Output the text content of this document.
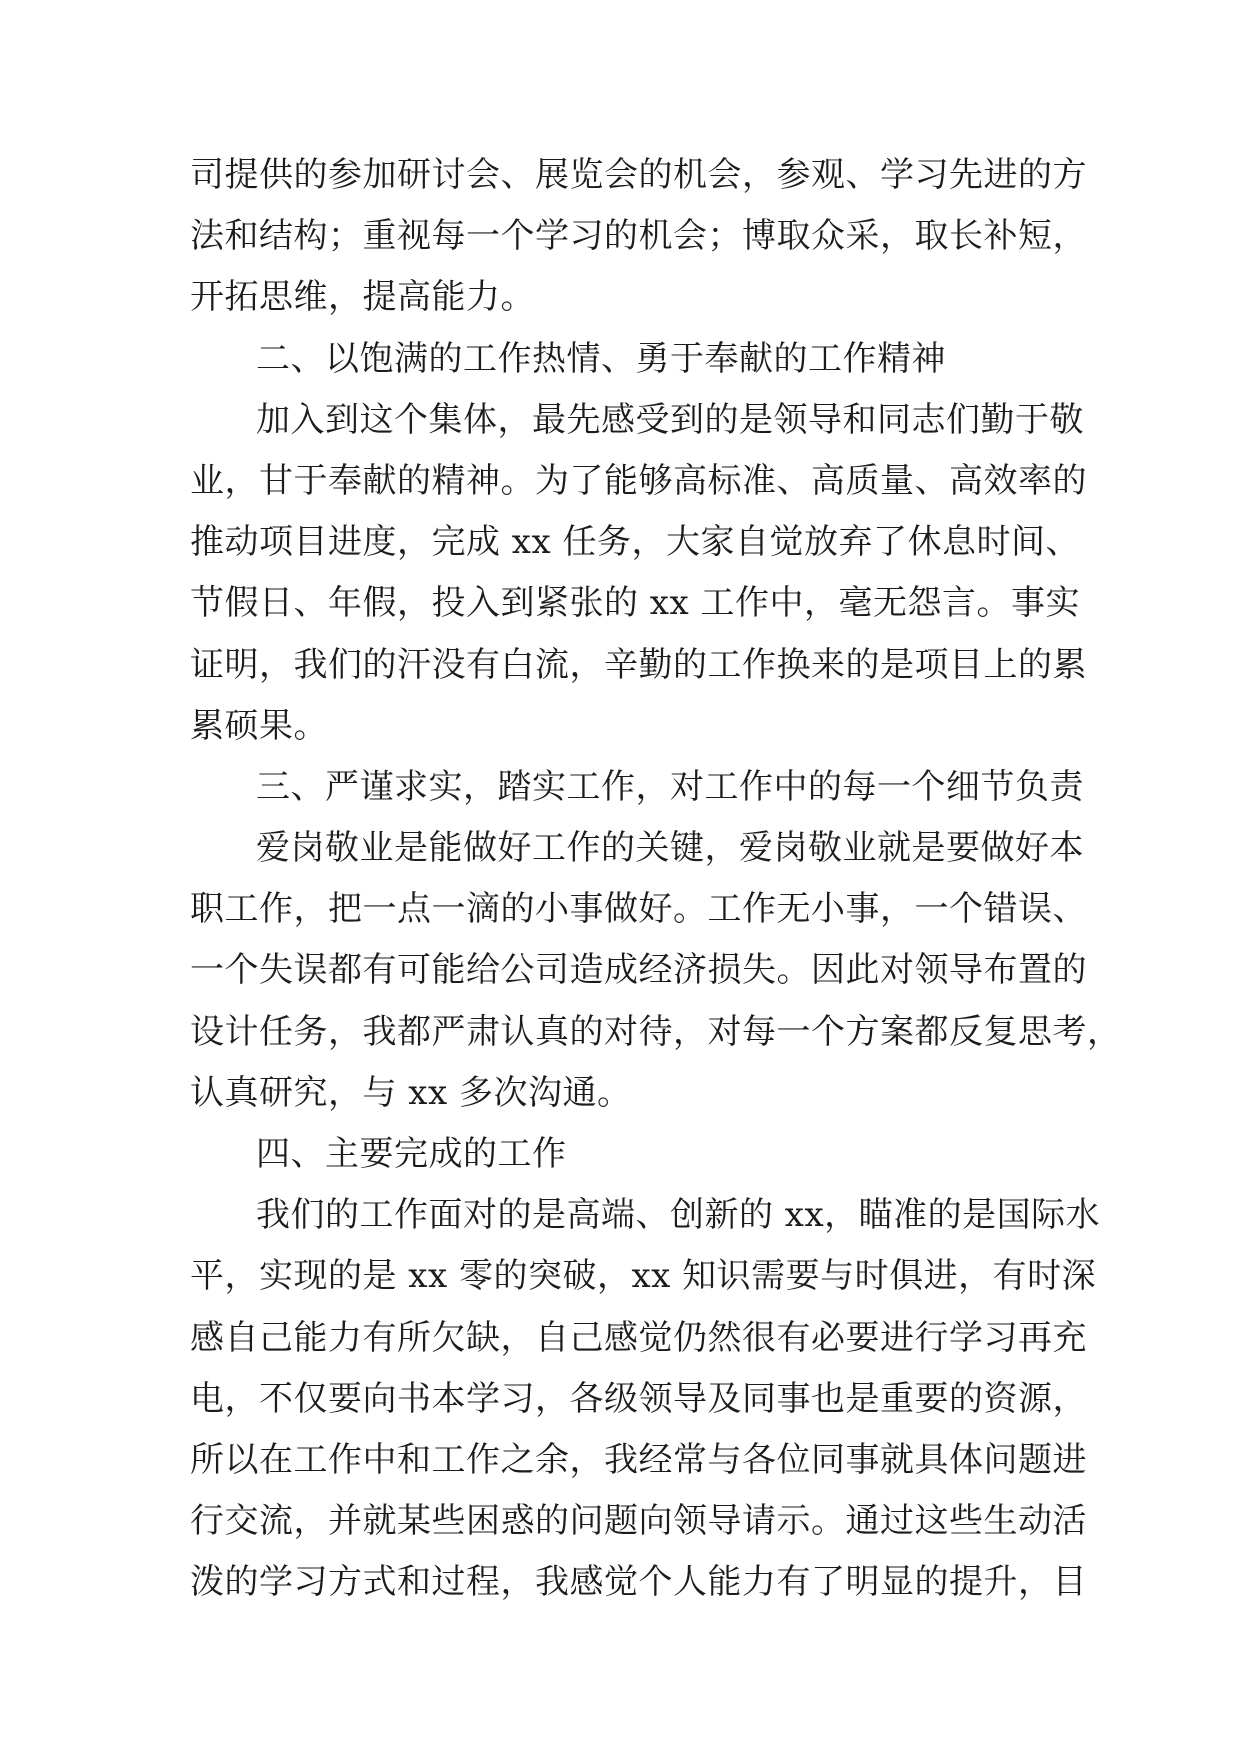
司提供的参加研讨会、展览会的机会，参观、学习先进的方
法和结构；重视每一个学习的机会；博取众采，取长补短，
开拓思维，提高能力。
二、以饱满的工作热情、勇于奉献的工作精神
加入到这个集体，最先感受到的是领导和同志们勤于敬
业，甘于奉献的精神。为了能够高标准、高质量、高效率的
推动项目进度，完成 xx 任务，大家自觉放弃了休息时间、
节假日、年假，投入到紧张的 xx 工作中，毫无怨言。事实
证明，我们的汗没有白流，辛勤的工作换来的是项目上的累
累硕果。
三、严谨求实，踏实工作，对工作中的每一个细节负责
爱岗敬业是能做好工作的关键，爱岗敬业就是要做好本
职工作，把一点一滴的小事做好。工作无小事，一个错误、
一个失误都有可能给公司造成经济损失。因此对领导布置的
设计任务，我都严肃认真的对待，对每一个方案都反复思考，
认真研究，与 xx 多次沟通。
四、主要完成的工作
我们的工作面对的是高端、创新的 xx，瞄准的是国际水
平，实现的是 xx 零的突破，xx 知识需要与时俱进，有时深
感自己能力有所欠缺，自己感觉仍然很有必要进行学习再充
电，不仅要向书本学习，各级领导及同事也是重要的资源，
所以在工作中和工作之余，我经常与各位同事就具体问题进
行交流，并就某些困惑的问题向领导请示。通过这些生动活
泼的学习方式和过程，我感觉个人能力有了明显的提升，目
